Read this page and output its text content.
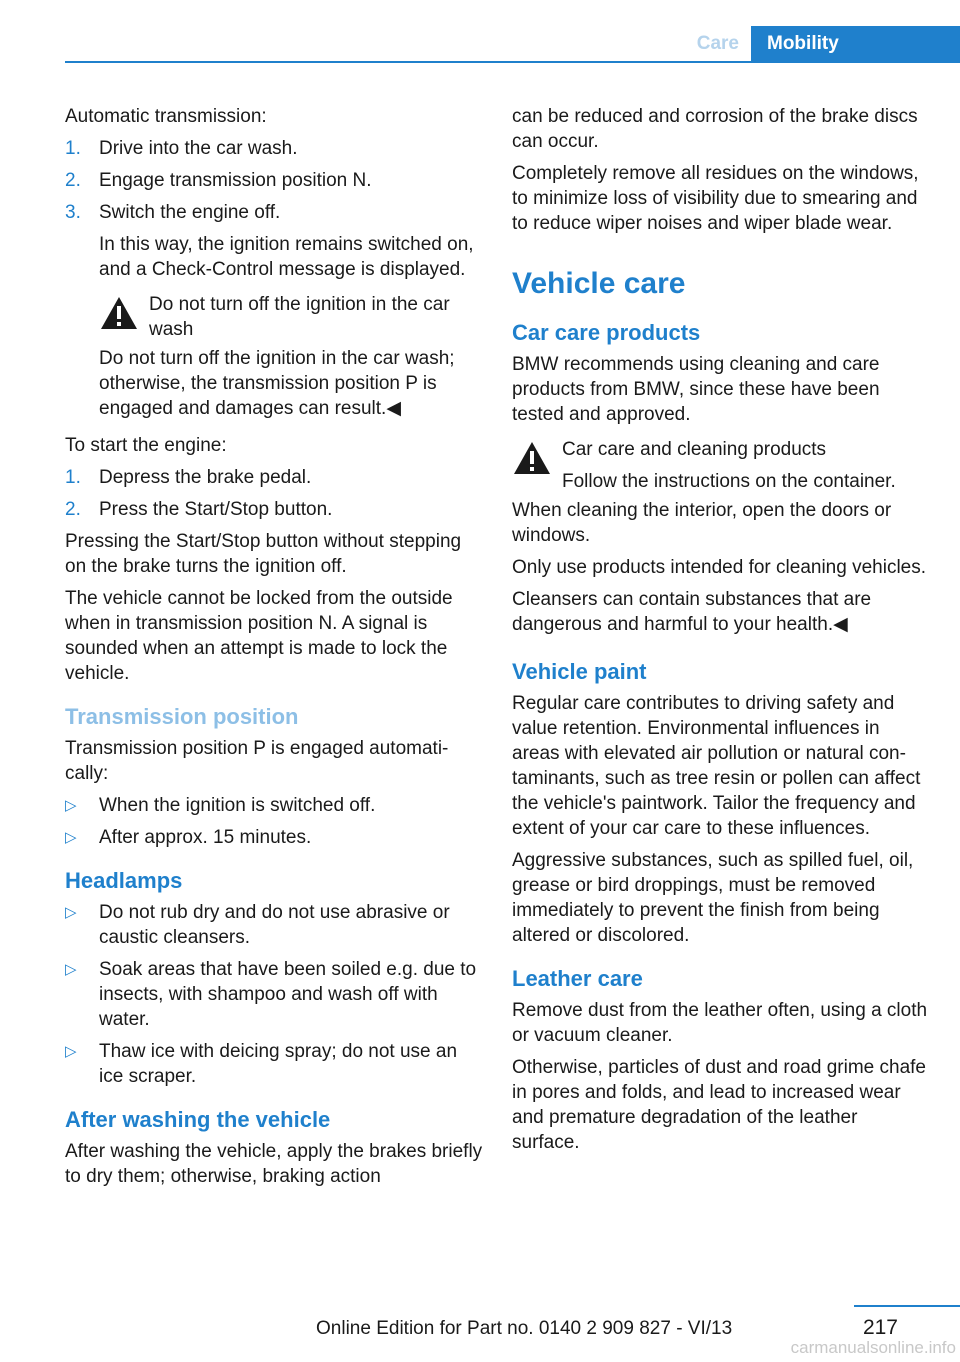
Care	Mobility

Automatic transmission:

1. Drive into the car wash.
2. Engage transmission position N.
3. Switch the engine off.
In this way, the ignition remains switched on, and a Check-Control message is displayed.
Do not turn off the ignition in the car wash
Do not turn off the ignition in the car wash; otherwise, the transmission position P is engaged and damages can result.◀

To start the engine:

1. Depress the brake pedal.
2. Press the Start/Stop button.

Pressing the Start/Stop button without stepping on the brake turns the ignition off.

The vehicle cannot be locked from the outside when in transmission position N. A signal is sounded when an attempt is made to lock the vehicle.

Transmission position

Transmission position P is engaged automatically:

▷ When the ignition is switched off.
▷ After approx. 15 minutes.
Headlamps
▷ Do not rub dry and do not use abrasive or caustic cleansers.
▷ Soak areas that have been soiled e.g. due to insects, with shampoo and wash off with water.
▷ Thaw ice with deicing spray; do not use an ice scraper.
After washing the vehicle

After washing the vehicle, apply the brakes briefly to dry them; otherwise, braking action

can be reduced and corrosion of the brake discs can occur.

Completely remove all residues on the windows, to minimize loss of visibility due to smearing and to reduce wiper noises and wiper blade wear.

Vehicle care
Car care products

BMW recommends using cleaning and care products from BMW, since these have been tested and approved.

Car care and cleaning products
Follow the instructions on the container.

When cleaning the interior, open the doors or windows.

Only use products intended for cleaning vehicles.

Cleansers can contain substances that are dangerous and harmful to your health.◀

Vehicle paint

Regular care contributes to driving safety and value retention. Environmental influences in areas with elevated air pollution or natural contaminants, such as tree resin or pollen can affect the vehicle's paintwork. Tailor the frequency and extent of your car care to these influences.

Aggressive substances, such as spilled fuel, oil, grease or bird droppings, must be removed immediately to prevent the finish from being altered or discolored.

Leather care

Remove dust from the leather often, using a cloth or vacuum cleaner.

Otherwise, particles of dust and road grime chafe in pores and folds, and lead to increased wear and premature degradation of the leather surface.

217
Online Edition for Part no. 0140 2 909 827 - VI/13
carmanualsonline.info
